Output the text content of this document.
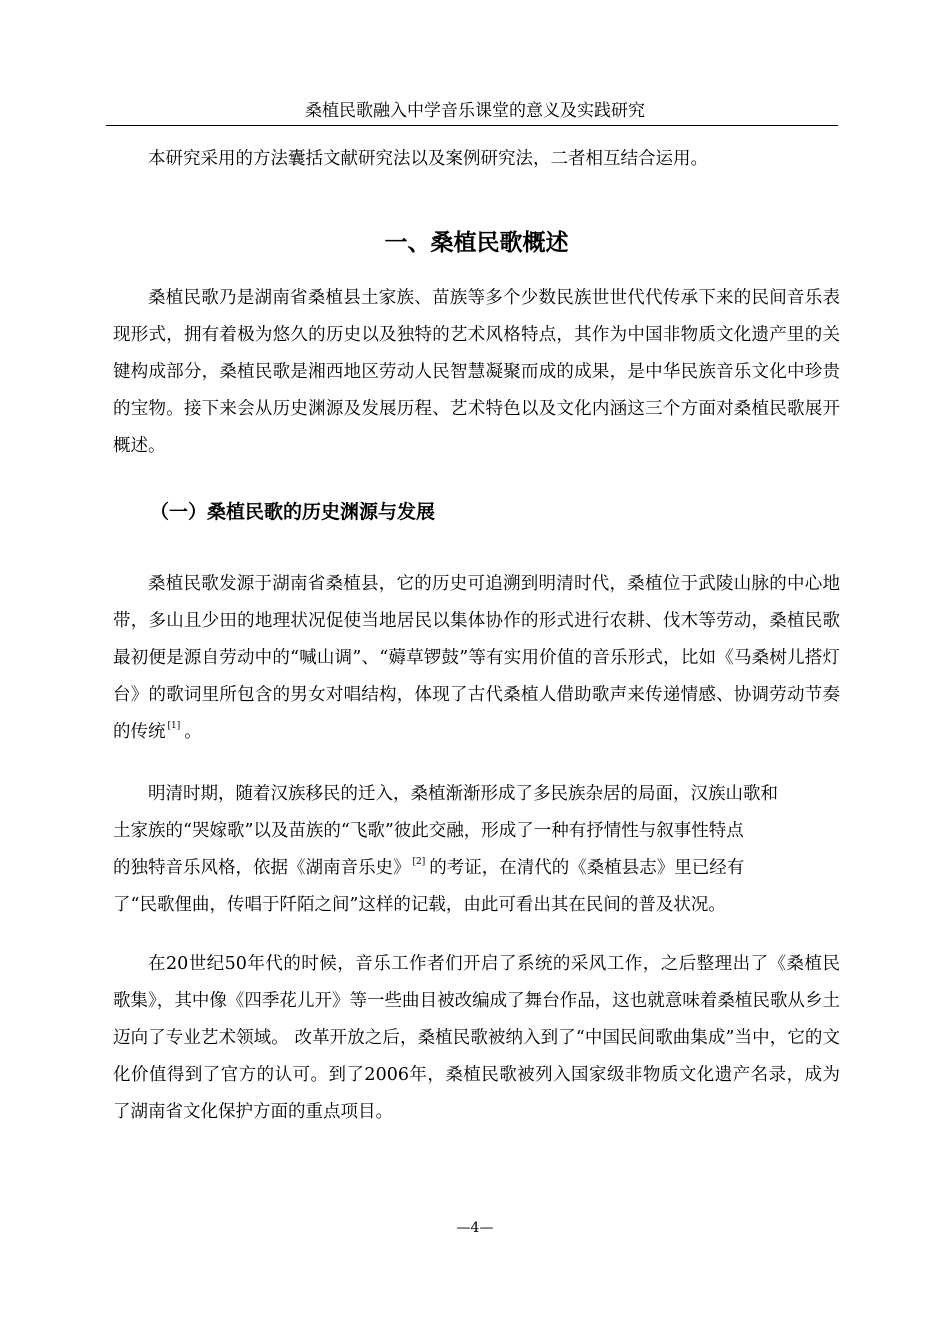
桑植民歌融入中学音乐课堂的意义及实践研究

本研究采用的方法囊括文献研究法以及案例研究法，二者相互结合运用。

一、桑植民歌概述

桑植民歌乃是湖南省桑植县土家族、苗族等多个少数民族世世代代传承下来的民间音乐表现形式，拥有着极为悠久的历史以及独特的艺术风格特点，其作为中国非物质文化遗产里的关键构成部分，桑植民歌是湘西地区劳动人民智慧凝聚而成的成果，是中华民族音乐文化中珍贵的宝物。接下来会从历史渊源及发展历程、艺术特色以及文化内涵这三个方面对桑植民歌展开概述。

（一）桑植民歌的历史渊源与发展

桑植民歌发源于湖南省桑植县，它的历史可追溯到明清时代，桑植位于武陵山脉的中心地带，多山且少田的地理状况促使当地居民以集体协作的形式进行农耕、伐木等劳动，桑植民歌最初便是源自劳动中的“喊山调”、“薅草锣鼓”等有实用价值的音乐形式，比如《马桑树儿搭灯台》的歌词里所包含的男女对唱结构，体现了古代桑植人借助歌声来传递情感、协调劳动节奏的传统 [1] 。

明清时期，随着汉族移民的迁入，桑植渐渐形成了多民族杂居的局面，汉族山歌和

土家族的“哭嫁歌”以及苗族的“飞歌”彼此交融，形成了一种有抒情性与叙事性特点

的独特音乐风格，依据《湖南音乐史》 [2] 的考证，在清代的《桑植县志》里已经有

了“民歌俚曲，传唱于阡陌之间”这样的记载，由此可看出其在民间的普及状况。

在20世纪50年代的时候，音乐工作者们开启了系统的采风工作，之后整理出了《桑植民歌集》，其中像《四季花儿开》等一些曲目被改编成了舞台作品，这也就意味着桑植民歌从乡土迈向了专业艺术领域。 改革开放之后，桑植民歌被纳入到了“中国民间歌曲集成”当中，它的文化价值得到了官方的认可。到了2006年，桑植民歌被列入国家级非物质文化遗产名录，成为了湖南省文化保护方面的重点项目。

—4—
